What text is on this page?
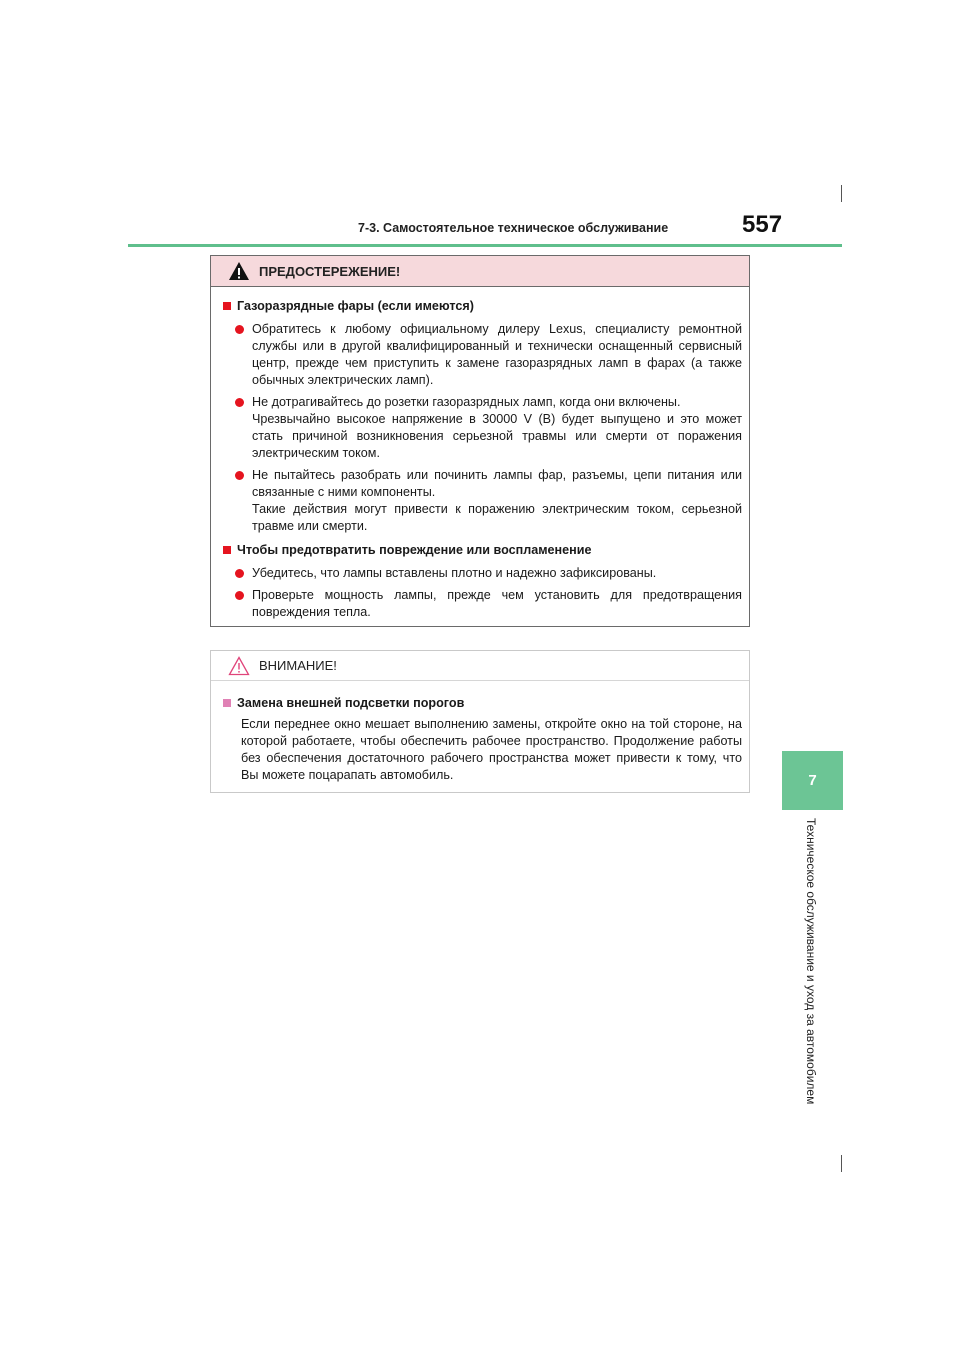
7-3. Самостоятельное техническое обслуживание	557
7
Техническое обслуживание и уход за автомобилем
ПРЕДОСТЕРЕЖЕНИЕ!
Газоразрядные фары (если имеются)
Обратитесь к любому официальному дилеру Lexus, специалисту ремонтной службы или в другой квалифицированный и технически оснащенный сервисный центр, прежде чем приступить к замене газоразрядных ламп в фарах (а также обычных электрических ламп).
Не дотрагивайтесь до розетки газоразрядных ламп, когда они включены.
Чрезвычайно высокое напряжение в 30000 V (В) будет выпущено и это может стать причиной возникновения серьезной травмы или смерти от поражения электрическим током.
Не пытайтесь разобрать или починить лампы фар, разъемы, цепи питания или связанные с ними компоненты.
Такие действия могут привести к поражению электрическим током, серьезной травме или смерти.
Чтобы предотвратить повреждение или воспламенение
Убедитесь, что лампы вставлены плотно и надежно зафиксированы.
Проверьте мощность лампы, прежде чем установить для предотвращения повреждения тепла.
ВНИМАНИЕ!
Замена внешней подсветки порогов
Если переднее окно мешает выполнению замены, откройте окно на той стороне, на которой работаете, чтобы обеспечить рабочее пространство. Продолжение работы без обеспечения достаточного рабочего пространства может привести к тому, что Вы можете поцарапать автомобиль.
